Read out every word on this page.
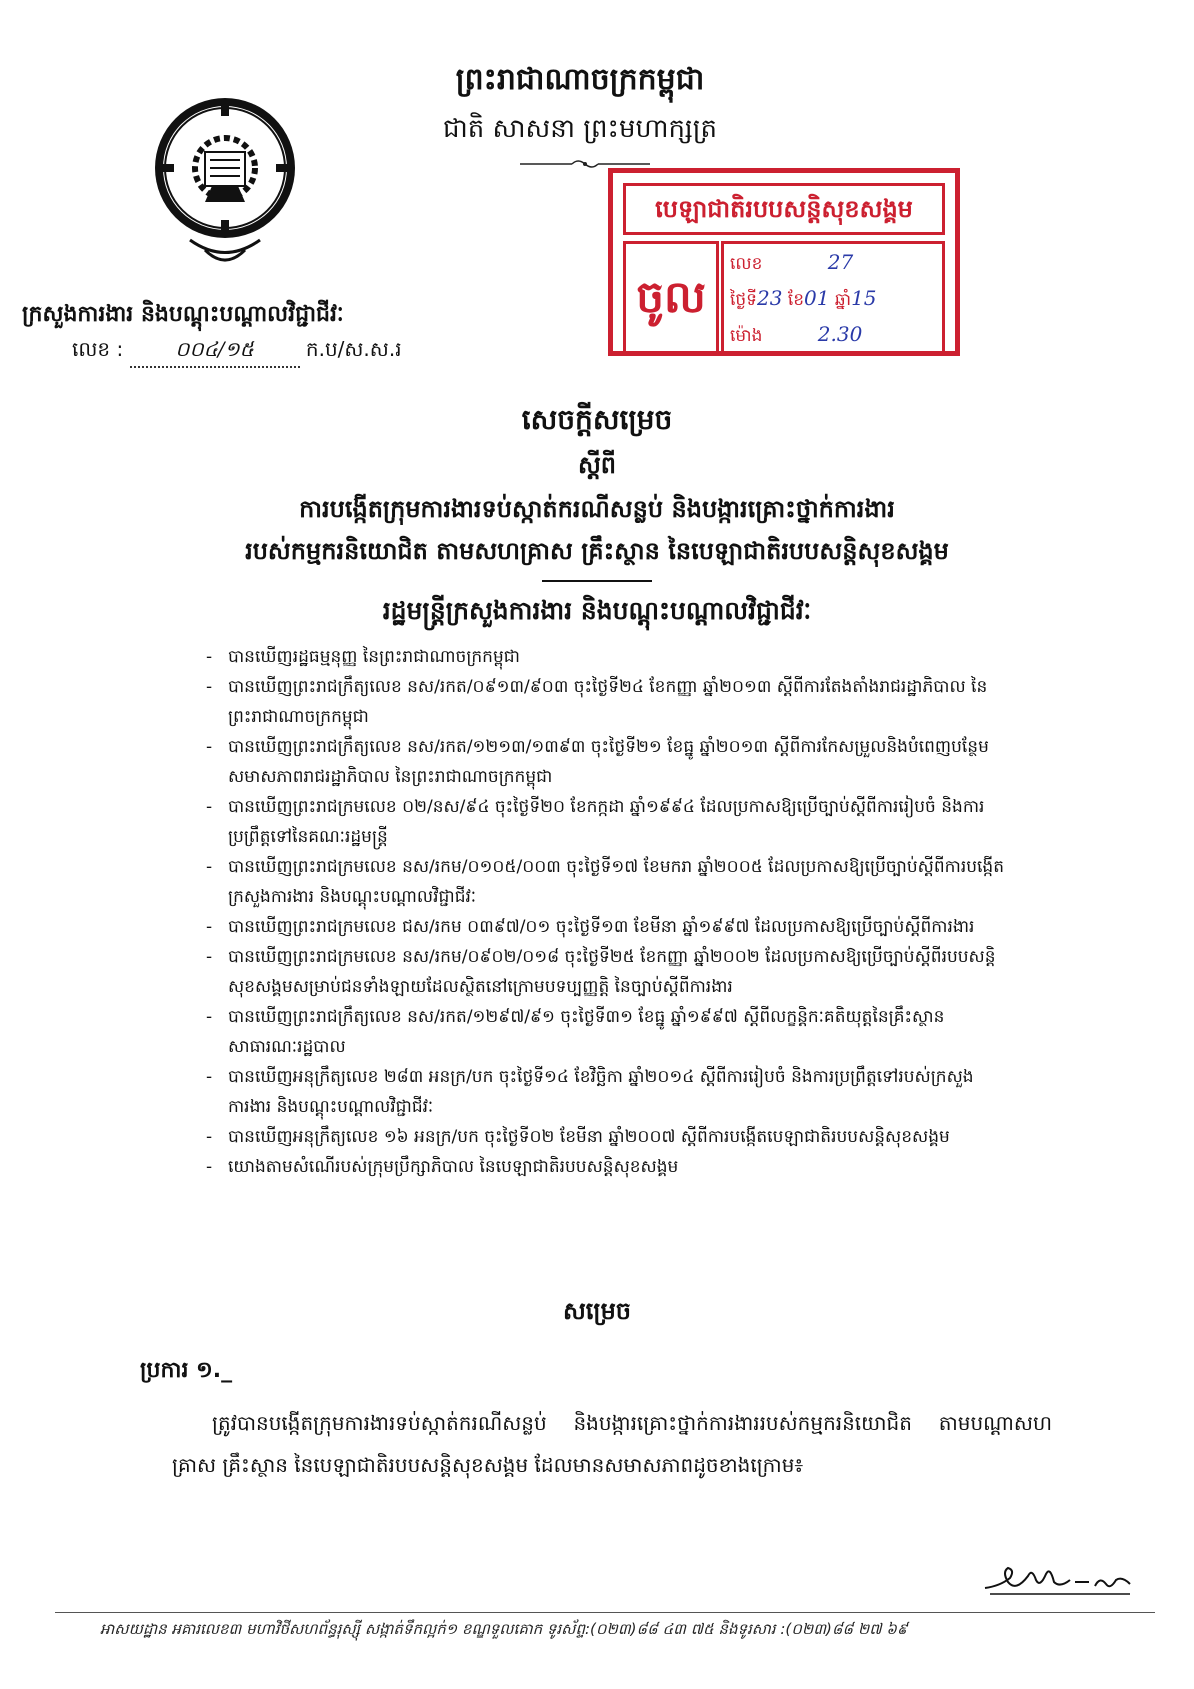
ព្រះរាជាណាចក្រកម្ពុជា
ជាតិ សាសនា ព្រះមហាក្សត្រ
ក្រសួងការងារ និងបណ្តុះបណ្តាលវិជ្ជាជីវៈ
លេខ :	០០៤/១៥	ក.ប/ស.ស.រ
បេឡាជាតិរបបសន្តិសុខសង្គម
ចូល
លេខ	27
ថ្ងៃទី23 ខែ01 ឆ្នាំ15
ម៉ោង	2.30
សេចក្តីសម្រេច
ស្តីពី
ការបង្កើតក្រុមការងារទប់ស្កាត់ករណីសន្លប់ និងបង្ការគ្រោះថ្នាក់ការងារ
របស់កម្មករនិយោជិត តាមសហគ្រាស គ្រឹះស្ថាន នៃបេឡាជាតិរបបសន្តិសុខសង្គម
រដ្ឋមន្ត្រីក្រសួងការងារ និងបណ្តុះបណ្តាលវិជ្ជាជីវៈ
- បានឃើញរដ្ឋធម្មនុញ្ញ នៃព្រះរាជាណាចក្រកម្ពុជា
- បានឃើញព្រះរាជក្រឹត្យលេខ នស/រកត/០៩១៣/៩០៣ ចុះថ្ងៃទី២៤ ខែកញ្ញា ឆ្នាំ២០១៣ ស្តីពីការតែងតាំងរាជរដ្ឋាភិបាល នៃព្រះរាជាណាចក្រកម្ពុជា
- បានឃើញព្រះរាជក្រឹត្យលេខ នស/រកត/១២១៣/១៣៩៣ ចុះថ្ងៃទី២១ ខែធ្នូ ឆ្នាំ២០១៣ ស្តីពីការកែសម្រួលនិងបំពេញបន្ថែមសមាសភាពរាជរដ្ឋាភិបាល នៃព្រះរាជាណាចក្រកម្ពុជា
- បានឃើញព្រះរាជក្រមលេខ ០២/នស/៩៤ ចុះថ្ងៃទី២០ ខែកក្កដា ឆ្នាំ១៩៩៤ ដែលប្រកាសឱ្យប្រើច្បាប់ស្តីពីការរៀបចំ និងការប្រព្រឹត្តទៅនៃគណៈរដ្ឋមន្ត្រី
- បានឃើញព្រះរាជក្រមលេខ នស/រកម/០១០៥/០០៣ ចុះថ្ងៃទី១៧ ខែមករា ឆ្នាំ២០០៥ ដែលប្រកាសឱ្យប្រើច្បាប់ស្តីពីការបង្កើតក្រសួងការងារ និងបណ្តុះបណ្តាលវិជ្ជាជីវៈ
- បានឃើញព្រះរាជក្រមលេខ ជស/រកម ០៣៩៧/០១ ចុះថ្ងៃទី១៣ ខែមីនា ឆ្នាំ១៩៩៧ ដែលប្រកាសឱ្យប្រើច្បាប់ស្តីពីការងារ
- បានឃើញព្រះរាជក្រមលេខ នស/រកម/០៩០២/០១៨ ចុះថ្ងៃទី២៥ ខែកញ្ញា ឆ្នាំ២០០២ ដែលប្រកាសឱ្យប្រើច្បាប់ស្តីពីរបបសន្តិសុខសង្គមសម្រាប់ជនទាំងឡាយដែលស្ថិតនៅក្រោមបទប្បញ្ញត្តិ នៃច្បាប់ស្តីពីការងារ
- បានឃើញព្រះរាជក្រឹត្យលេខ នស/រកត/១២៩៧/៩១ ចុះថ្ងៃទី៣១ ខែធ្នូ ឆ្នាំ១៩៩៧ ស្តីពីលក្ខន្តិកៈគតិយុត្តនៃគ្រឹះស្ថានសាធារណៈរដ្ឋបាល
- បានឃើញអនុក្រឹត្យលេខ ២៨៣ អនក្រ/បក ចុះថ្ងៃទី១៤ ខែវិច្ឆិកា ឆ្នាំ២០១៤ ស្តីពីការរៀបចំ និងការប្រព្រឹត្តទៅរបស់ក្រសួងការងារ និងបណ្តុះបណ្តាលវិជ្ជាជីវៈ
- បានឃើញអនុក្រឹត្យលេខ ១៦ អនក្រ/បក ចុះថ្ងៃទី០២ ខែមីនា ឆ្នាំ២០០៧ ស្តីពីការបង្កើតបេឡាជាតិរបបសន្តិសុខសង្គម
- យោងតាមសំណើរបស់ក្រុមប្រឹក្សាភិបាល នៃបេឡាជាតិរបបសន្តិសុខសង្គម
សម្រេច
ប្រការ ១._
ត្រូវបានបង្កើតក្រុមការងារទប់ស្កាត់ករណីសន្លប់ និងបង្ការគ្រោះថ្នាក់ការងាររបស់កម្មករនិយោជិត តាមបណ្តាសហគ្រាស គ្រឹះស្ថាន នៃបេឡាជាតិរបបសន្តិសុខសង្គម ដែលមានសមាសភាពដូចខាងក្រោម៖
អាសយដ្ឋាន អគារលេខ៣ មហាវិថីសហព័ន្ធរុស្ស៊ី សង្កាត់ទឹកល្អក់១ ខណ្ឌទួលគោក ទូរស័ព្ទ:(០២៣)៨៨ ៤៣ ៧៥ និងទូរសារ :(០២៣)៨៨ ២៧ ៦៩
